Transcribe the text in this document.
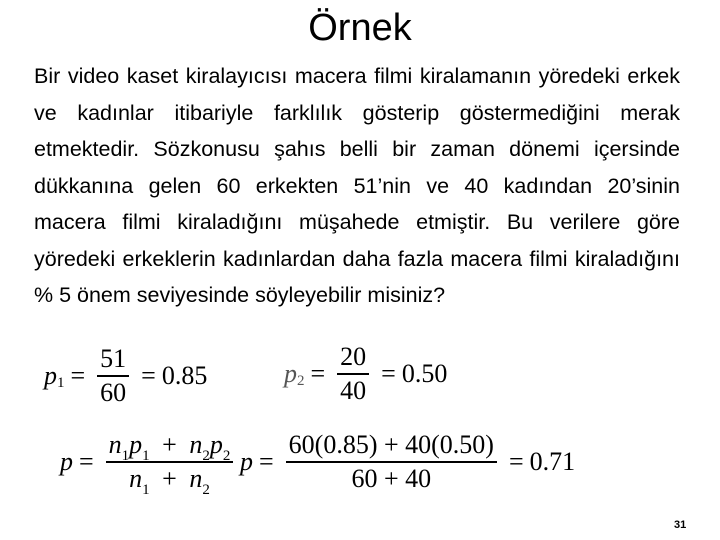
Örnek

Bir video kaset kiralayıcısı macera filmi kiralamanın yöredeki erkek ve kadınlar itibariyle farklılık gösterip göstermediğini merak etmektedir. Sözkonusu şahıs belli bir zaman dönemi içersinde dükkanına gelen 60 erkekten 51’nin ve 40 kadından 20’sinin macera filmi kiraladığını müşahede etmiştir. Bu verilere göre yöredeki erkeklerin kadınlardan daha fazla macera filmi kiraladığını % 5 önem seviyesinde söyleyebilir misiniz?

p $1 = \frac{51}{60} = 0.85$	p $2 = \frac{20}{40} = 0.50$
$p = \frac{n_1p_1 + n_2p_2}{n_1 + n_2}$ $p = \frac{60(0.85) + 40(0.50)}{60 + 40} = 0.71$
31
